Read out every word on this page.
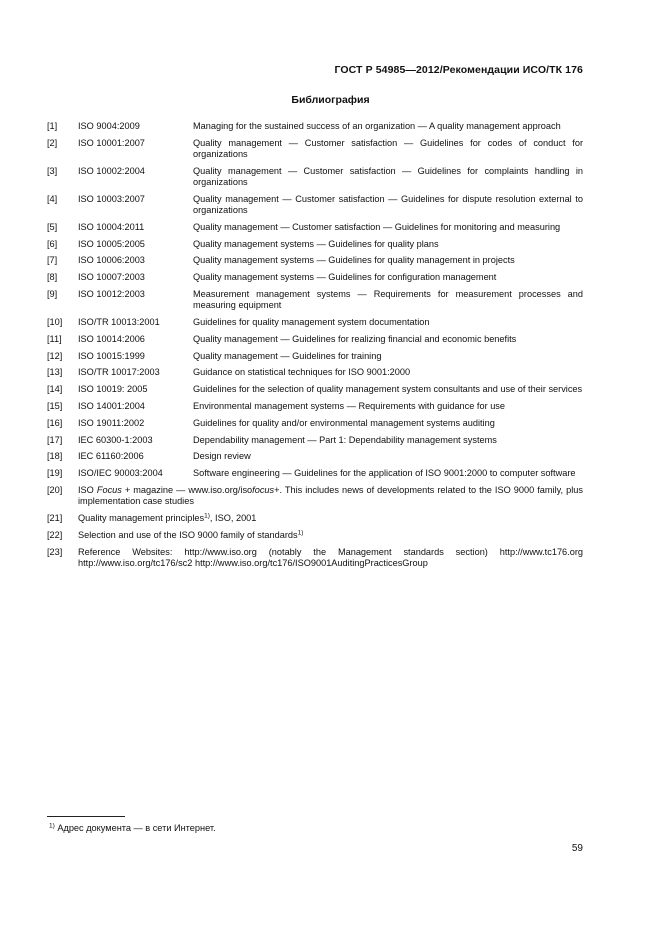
ГОСТ Р 54985—2012/Рекомендации ИСО/ТК 176
Библиография
[1]	ISO 9004:2009	Managing for the sustained success of an organization — A quality management approach
[2]	ISO 10001:2007	Quality management — Customer satisfaction — Guidelines for codes of conduct for organizations
[3]	ISO 10002:2004	Quality management — Customer satisfaction — Guidelines for complaints handling in organizations
[4]	ISO 10003:2007	Quality management — Customer satisfaction — Guidelines for dispute resolution external to organizations
[5]	ISO 10004:2011	Quality management — Customer satisfaction — Guidelines for monitoring and measuring
[6]	ISO 10005:2005	Quality management systems — Guidelines for quality plans
[7]	ISO 10006:2003	Quality management systems — Guidelines for quality management in projects
[8]	ISO 10007:2003	Quality management systems — Guidelines for configuration management
[9]	ISO 10012:2003	Measurement management systems — Requirements for measurement processes and measuring equipment
[10]	ISO/TR 10013:2001	Guidelines for quality management system documentation
[11]	ISO 10014:2006	Quality management — Guidelines for realizing financial and economic benefits
[12]	ISO 10015:1999	Quality management — Guidelines for training
[13]	ISO/TR 10017:2003	Guidance on statistical techniques for ISO 9001:2000
[14]	ISO 10019: 2005	Guidelines for the selection of quality management system consultants and use of their services
[15]	ISO 14001:2004	Environmental management systems — Requirements with guidance for use
[16]	ISO 19011:2002	Guidelines for quality and/or environmental management systems auditing
[17]	IEC 60300-1:2003	Dependability management — Part 1: Dependability management systems
[18]	IEC 61160:2006	Design review
[19]	ISO/IEC 90003:2004	Software engineering — Guidelines for the application of ISO 9001:2000 to computer software
[20]	ISO Focus + magazine — www.iso.org/isofocus+. This includes news of developments related to the ISO 9000 family, plus implementation case studies
[21]	Quality management principles$^{1)}$, ISO, 2001
[22]	Selection and use of the ISO 9000 family of standards$^{1)}$
[23]	Reference Websites: http://www.iso.org (notably the Management standards section) http://www.tc176.org http://www.iso.org/tc176/sc2 http://www.iso.org/tc176/ISO9001AuditingPracticesGroup
$^{1)}$ Адрес документа — в сети Интернет.
59
